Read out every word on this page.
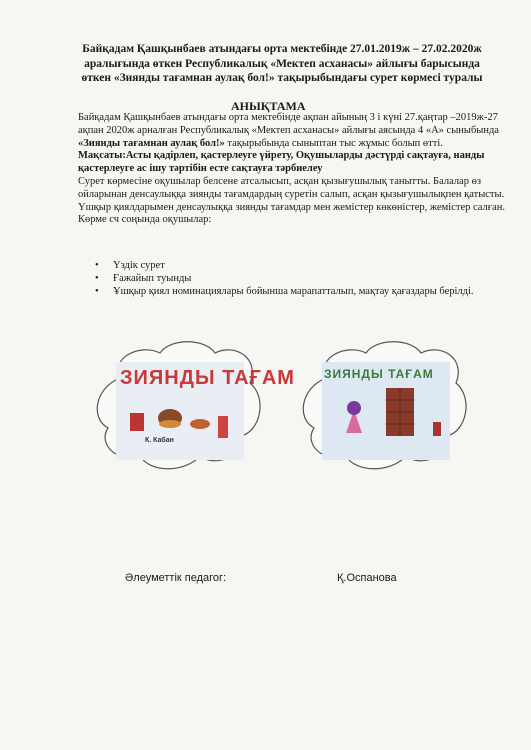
Байқадам Қашқынбаев атындағы орта мектебінде 27.01.2019ж – 27.02.2020ж аралығында өткен Республикалық «Мектеп асханасы» айлығы барысында өткен «Зиянды тағамнан аулақ бол!» тақырыбындағы сурет көрмесі туралы
АНЫҚТАМА

Байқадам Қашқынбаев атындағы орта мектебінде ақпан айының 3 і күні 27.қаңтар –2019ж-27 ақпан 2020ж арналған Республикалық «Мектеп асханасы» айлығы аясында 4 «А» сыныбында «Зиянды тағамнан аулақ бол!» тақырыбында сыныптан тыс жұмыс болып өтті.

Мақсаты:Асты қадірлеп, қастерлеуге үйрету, Оқушыларды дәстүрді сақтауға, нанды қастерлеуге ас ішу тәртібін есте сақтауға тәрбиелеу

Сурет көрмесіне оқушылар белсене атсалысып, асқан қызығушылық танытты. Балалар өз ойларынан денсаулыққа зиянды тағамдардың суретін салып, асқан қызығушылықпен қатысты. Үшқыр қиялдарымен денсаулыққа зиянды тағамдар мен жемістер көкөністер, жемістер салған. Көрме сч соңында оқушылар:

• Үздік сурет
• Ғажайып туынды
• Ұшқыр қиял номинациялары бойынша марапатталып, мақтау қағаздары берілді.
ЗИЯНДЫ ТАҒАМ
К. Кабан
ЗИЯНДЫ ТАҒАМ
Әлеуметтік педагог:	Қ.Оспанова
